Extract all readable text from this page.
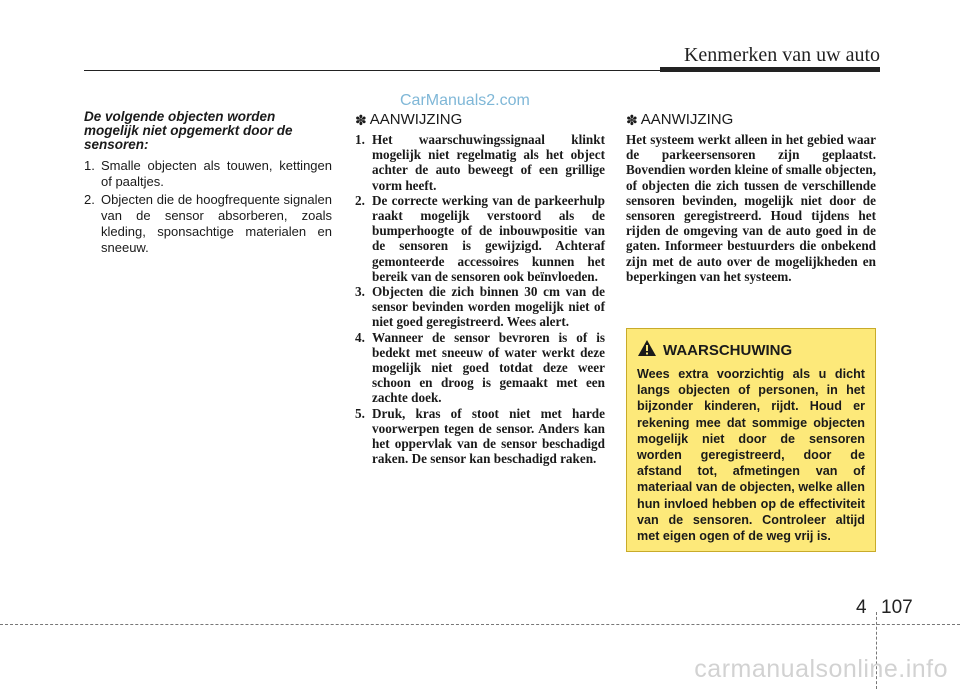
Kenmerken van uw auto
CarManuals2.com

De volgende objecten worden mogelijk niet opgemerkt door de sensoren:

1. Smalle objecten als touwen, kettingen of paaltjes.
2. Objecten die de hoogfrequente signalen van de sensor absorberen, zoals kleding, sponsachtige materialen en sneeuw.
✽ AANWIJZING
1. Het waarschuwingssignaal klinkt mogelijk niet regelmatig als het object achter de auto beweegt of een grillige vorm heeft.
2. De correcte werking van de parkeerhulp raakt mogelijk verstoord als de bumperhoogte of de inbouwpositie van de sensoren is gewijzigd. Achteraf gemonteerde accessoires kunnen het bereik van de sensoren ook beïnvloeden.
3. Objecten die zich binnen 30 cm van de sensor bevinden worden mogelijk niet of niet goed geregistreerd. Wees alert.
4. Wanneer de sensor bevroren is of is bedekt met sneeuw of water werkt deze mogelijk niet goed totdat deze weer schoon en droog is gemaakt met een zachte doek.
5. Druk, kras of stoot niet met harde voorwerpen tegen de sensor. Anders kan het oppervlak van de sensor beschadigd raken. De sensor kan beschadigd raken.
✽ AANWIJZING

Het systeem werkt alleen in het gebied waar de parkeersensoren zijn geplaatst. Bovendien worden kleine of smalle objecten, of objecten die zich tussen de verschillende sensoren bevinden, mogelijk niet door de sensoren geregistreerd. Houd tijdens het rijden de omgeving van de auto goed in de gaten. Informeer bestuurders die onbekend zijn met de auto over de mogelijkheden en beperkingen van het systeem.

WAARSCHUWING

Wees extra voorzichtig als u dicht langs objecten of personen, in het bijzonder kinderen, rijdt. Houd er rekening mee dat sommige objecten mogelijk niet door de sensoren worden geregistreerd, door de afstand tot, afmetingen van of materiaal van de objecten, welke allen hun invloed hebben op de effectiviteit van de sensoren. Controleer altijd met eigen ogen of de weg vrij is.

4 107
carmanualsonline.info
